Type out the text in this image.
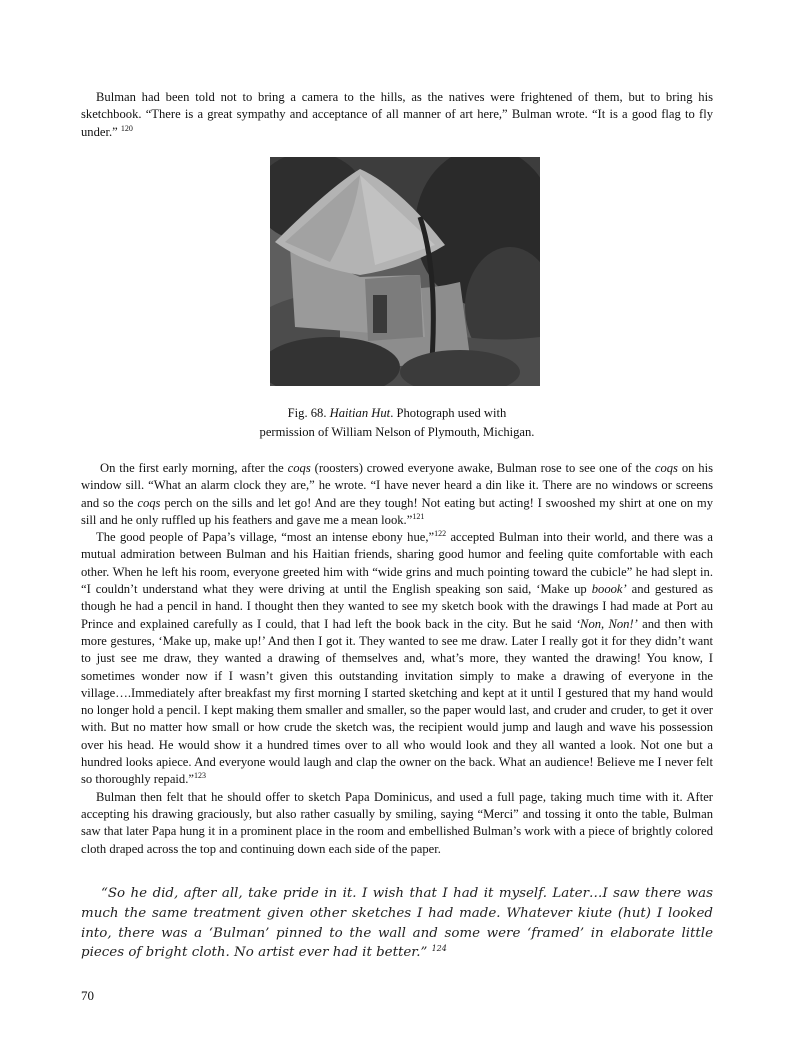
Bulman had been told not to bring a camera to the hills, as the natives were frightened of them, but to bring his sketchbook. “There is a great sympathy and acceptance of all manner of art here,” Bulman wrote. “It is a good flag to fly under.” $^{120}$

Fig. 68. Haitian Hut. Photograph used with
permission of William Nelson of Plymouth, Michigan.

On the first early morning, after the coqs (roosters) crowed everyone awake, Bulman rose to see one of the coqs on his window sill. “What an alarm clock they are,” he wrote. “I have never heard a din like it. There are no windows or screens and so the coqs perch on the sills and let go! And are they tough! Not eating but acting! I swooshed my shirt at one on my sill and he only ruffled up his feathers and gave me a mean look.”$^{121}$

The good people of Papa’s village, “most an intense ebony hue,”$^{122}$ accepted Bulman into their world, and there was a mutual admiration between Bulman and his Haitian friends, sharing good humor and feeling quite comfortable with each other. When he left his room, everyone greeted him with “wide grins and much pointing toward the cubicle” he had slept in. “I couldn’t understand what they were driving at until the English speaking son said, ‘Make up boook’ and gestured as though he had a pencil in hand. I thought then they wanted to see my sketch book with the drawings I had made at Port au Prince and explained carefully as I could, that I had left the book back in the city. But he said ‘Non, Non!’ and then with more gestures, ‘Make up, make up!’ And then I got it. They wanted to see me draw. Later I really got it for they didn’t want to just see me draw, they wanted a drawing of themselves and, what’s more, they wanted the drawing! You know, I sometimes wonder now if I wasn’t given this outstanding invitation simply to make a drawing of everyone in the village….Immediately after breakfast my first morning I started sketching and kept at it until I gestured that my hand would no longer hold a pencil. I kept making them smaller and smaller, so the paper would last, and cruder and cruder, to get it over with. But no matter how small or how crude the sketch was, the recipient would jump and laugh and wave his possession over his head. He would show it a hundred times over to all who would look and they all wanted a look. Not one but a hundred looks apiece. And everyone would laugh and clap the owner on the back. What an audience! Believe me I never felt so thoroughly repaid.”$^{123}$

Bulman then felt that he should offer to sketch Papa Dominicus, and used a full page, taking much time with it. After accepting his drawing graciously, but also rather casually by smiling, saying “Merci” and tossing it onto the table, Bulman saw that later Papa hung it in a prominent place in the room and embellished Bulman’s work with a piece of brightly colored cloth draped across the top and continuing down each side of the paper.

“So he did, after all, take pride in it. I wish that I had it myself. Later…I saw there was much the same treatment given other sketches I had made. Whatever kiute (hut) I looked into, there was a ‘Bulman’ pinned to the wall and some were ‘framed’ in elaborate little pieces of bright cloth. No artist ever had it better.” $^{124}$

70
